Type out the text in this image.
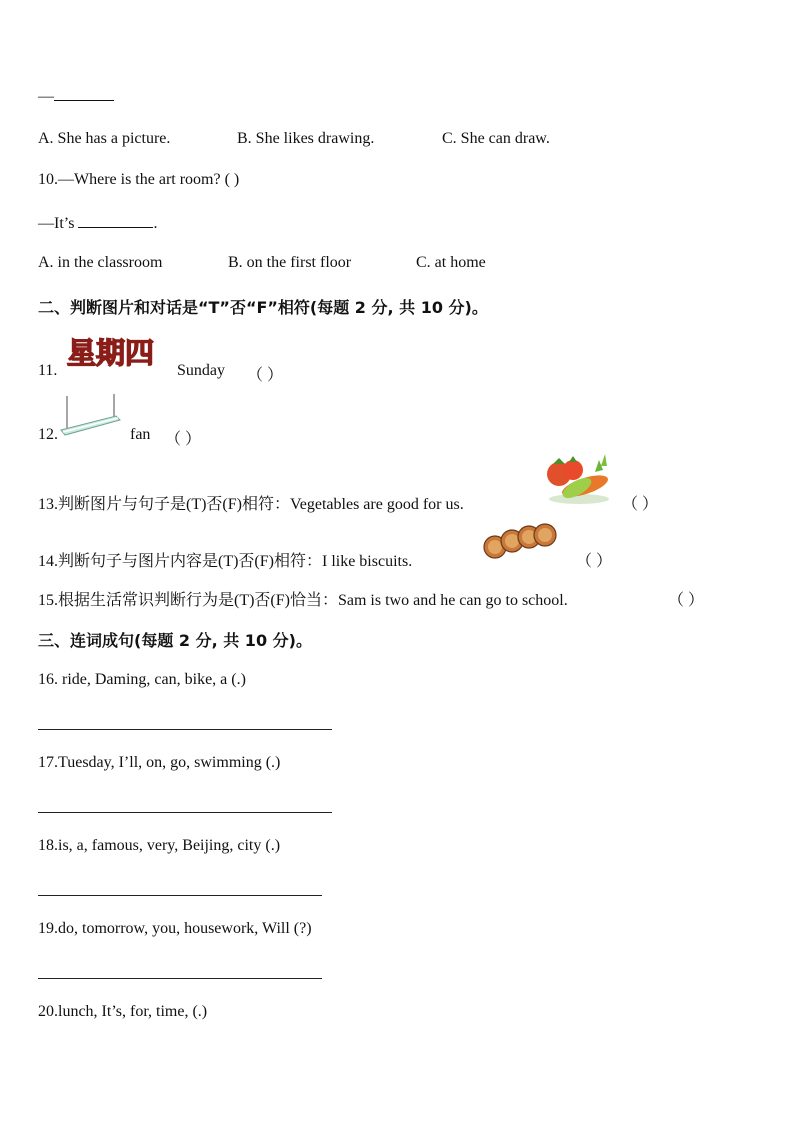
—
A. She has a picture.	B. She likes drawing.	C. She can draw.
10.—Where is the art room? ( )
—It’s	.
A. in the classroom	B. on the first floor	C. at home
二、判断图片和对话是“T”否“F”相符(每题 2 分, 共 10 分)。
11.
星期四
Sunday （ ）
12.	fan （ ）
13.判断图片与句子是(T)否(F)相符：Vegetables are good for us.	（ ）
14.判断句子与图片内容是(T)否(F)相符：I like biscuits.	（ ）
15.根据生活常识判断行为是(T)否(F)恰当：Sam is two and he can go to school.	（ ）
三、连词成句(每题 2 分, 共 10 分)。
16. ride, Daming, can, bike, a (.)
17.Tuesday, I’ll, on, go, swimming (.)
18.is, a, famous, very, Beijing, city (.)
19.do, tomorrow, you, housework, Will (?)
20.lunch, It’s, for, time, (.)
